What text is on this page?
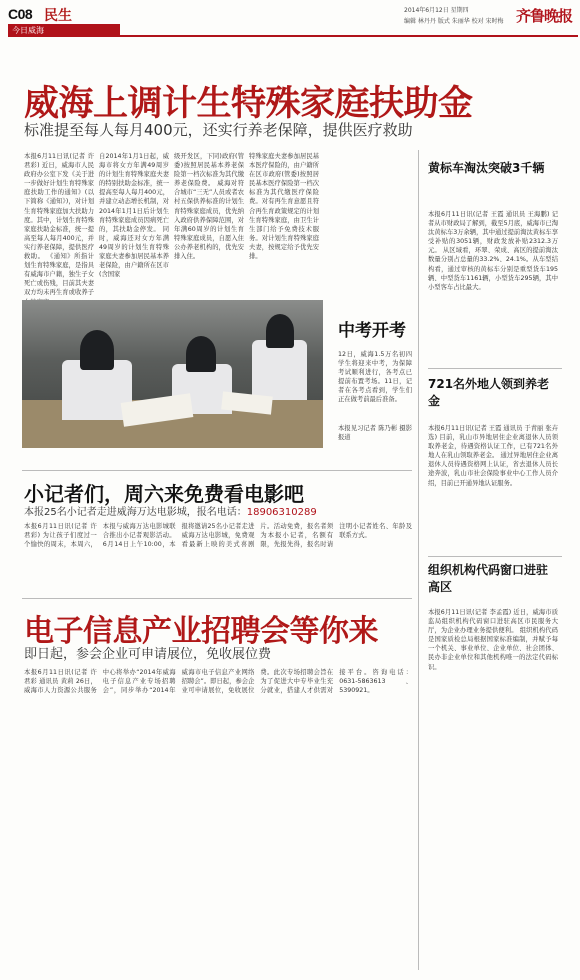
C08 民生
今日威海
2014年6月12日 星期四
编辑 林丹丹 版式 朱丽华 校对 宋时梅 齐鲁晚报
威海上调计生特殊家庭扶助金
标准提至每人每月400元，还实行养老保障，提供医疗救助
本报6月11日讯(记者 许君彩) 近日，威海市人民政府办公室下发《关于进一步做好计划生育特殊家庭扶助工作的通知》(以下简称《通知》)，对计划生育特殊家庭加大扶助力度。其中，计划生育特殊家庭扶助金标准，统一提高至每人每月400元，并实行养老保障，提供医疗救助。 《通知》所指计划生育特殊家庭，是指具有威海市户籍，独生子女死亡或伤残，目前其夫妻双方均未再生育或收养子
自2014年1月1日起，威海市将女方年满49周岁的计划生育特殊家庭夫妻的特别扶助金标准，统一提高至每人每月400元，并建立动态增长机制，对2014年1月1日后计划生育特殊家庭成员因病死亡的，其扶助金停发。 同时，威海还对女方年满49周岁的计划生育特殊家庭夫妻参加居民基本养老保险，由户籍所在区市(含国家
级开发区，下同)政府(管委)按照居民基本养老保险第一档次标准为其代缴养老保险费。 威海对符合城市“三无”人员或者农村五保供养标准的计划生育特殊家庭成员，优先纳入政府供养保障范围，对年满60周岁的计划生育特殊家庭成员，自愿入住公办养老机构的，优先安排入住。
特殊家庭夫妻参加居民基本医疗保险的，由户籍所在区市政府(管委)按照居民基本医疗保险第一档次标准为其代缴医疗保险费。对有再生育意愿且符合再生育政策规定的计划生育特殊家庭，由卫生计生部门给予免费技术服务。对计划生育特殊家庭夫妻，按规定给予优先安排。
中考开考
12日，威海1.5万名初四学生将迎来中考，为保障考试顺利进行，各考点已提前布置考场。11日，记者在各考点看到，学生们正在做考前最后准备。
本报见习记者 陈乃彬 摄影报道
黄标车淘汰突破3千辆
本报6月11日讯(记者 王霞 通讯员 王海鹏) 记者从市财政局了解到，截至5月底，威海市已淘汰黄标车3万余辆，其中通过提前淘汰黄标车享受补贴的3051辆，财政发放补贴2312.3万元。 从区域看，环翠、荣成、高区的提前淘汰数量分别占总量的33.2%、24.1%。从车型结构看，通过审核的黄标车分别是重型货车195辆、中型货车1161辆，小型货车295辆，其中小型客车占比最大。
721名外地人领到养老金
本报6月11日讯(记者 王霞 通讯员 于青丽 张卉选) 目前，乳山市异地居住企业离退休人员领取养老金，待遇资格认证工作，已有721名外地人在乳山领取养老金。 通过异地居住企业离退休人员待遇资格网上认证，省去退休人员长途奔波，乳山市社会保险事业中心工作人员介绍，目前已开通异地认证服务。
组织机构代码窗口进驻高区
本报6月11日讯(记者 李孟霞) 近日，威海市质监局组织机构代码窗口进驻高区市民服务大厅，为企业办理业务提供便利。 组织机构代码是国家质检总局根据国家标准编制，并赋予每一个机关、事业单位、企业单位、社会团体、民办非企业单位和其他机构唯一的法定代码标识。
小记者们，周六来免费看电影吧
本报25名小记者走进威海万达电影城，报名电话：18906310289
本报6月11日讯(记者 许君彩) 为让孩子们度过一个愉快的周末，本周六，本报与威海万达电影城联合推出小记者观影活动。6月14日上午10:00，本报将邀请25名小记者走进威海万达电影城，免费观看最新上映的美式喜剧片。活动免费，报名者须为本报小记者，名额有限，先报先得，报名时请注明小记者姓名、年龄及联系方式。
电子信息产业招聘会等你来
即日起，参会企业可申请展位，免收展位费
本报6月11日讯(记者 许君彩 通讯员 黄莉 26日，威海市人力资源公共服务中心将举办“2014年威海电子信息产业专场招聘会”，同步举办“2014年威海市电子信息产业网络招聘会”。即日起，参会企业可申请展位，免收展位费。此次专场招聘会旨在为了促进大中专毕业生充分就业，搭建人才供需对接平台。咨询电话：0631-5863613、5390921。
